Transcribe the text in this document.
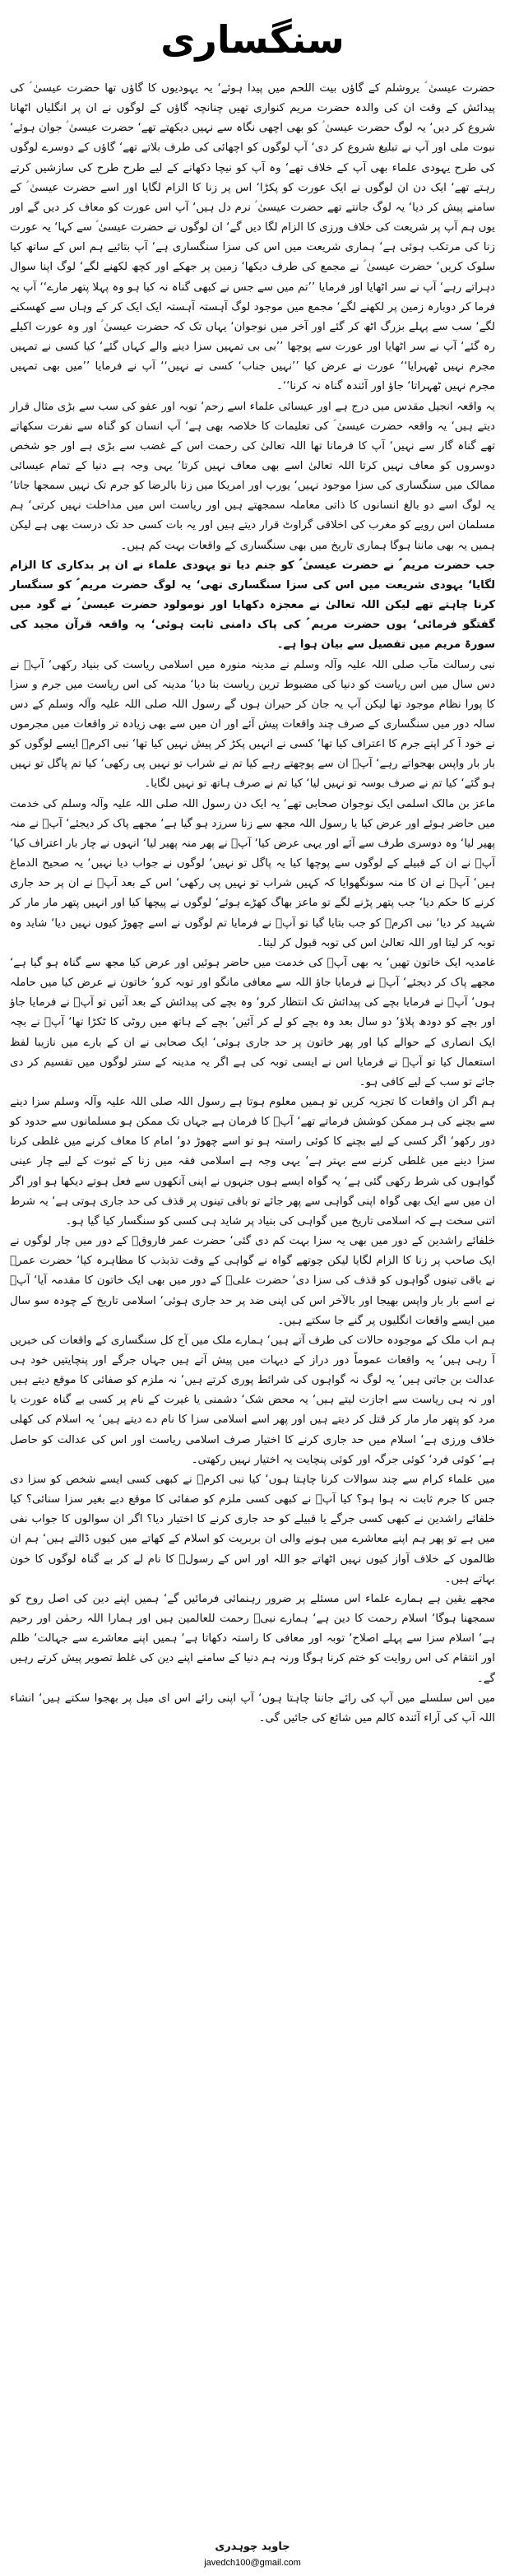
سنگساری

حضرت عیسیٰ ؑ یروشلم کے گاؤں بیت اللحم میں پیدا ہوئے‘ یہ یہودیوں کا گاؤں تھا حضرت عیسیٰ ؑ کی پیدائش کے وقت ان کی والدہ حضرت مریم کنواری تھیں چنانچہ گاؤں کے لوگوں نے ان پر انگلیاں اٹھانا شروع کر دیں‘ یہ لوگ حضرت عیسیٰ ؑ کو بھی اچھی نگاہ سے نہیں دیکھتے تھے‘ حضرت عیسیٰ ؑ جوان ہوئے‘ نبوت ملی اور آپ نے تبلیغ شروع کر دی‘ آپ لوگوں کو اچھائی کی طرف بلاتے تھے‘ گاؤں کے دوسرے لوگوں کی طرح یہودی علماء بھی آپ کے خلاف تھے‘ وہ آپ کو نیچا دکھانے کے لیے طرح طرح کی سازشیں کرتے رہتے تھے‘ ایک دن ان لوگوں نے ایک عورت کو پکڑا‘ اس پر زنا کا الزام لگایا اور اسے حضرت عیسیٰ ؑ کے سامنے پیش کر دیا‘ یہ لوگ جانتے تھے حضرت عیسیٰ ؑ نرم دل ہیں‘ آپ اس عورت کو معاف کر دیں گے اور یوں ہم آپ پر شریعت کی خلاف ورزی کا الزام لگا دیں گے‘ ان لوگوں نے حضرت عیسیٰ ؑ سے کہا‘ یہ عورت زنا کی مرتکب ہوئی ہے‘ ہماری شریعت میں اس کی سزا سنگساری ہے‘ آپ بتائیے ہم اس کے ساتھ کیا سلوک کریں‘ حضرت عیسیٰ ؑ نے مجمع کی طرف دیکھا‘ زمین پر جھکے اور کچھ لکھنے لگے‘ لوگ اپنا سوال دہراتے رہے‘ آپ نے سر اٹھایا اور فرمایا ’’تم میں سے جس نے کبھی گناہ نہ کیا ہو وہ پہلا پتھر مارے‘‘ آپ یہ فرما کر دوبارہ زمین پر لکھنے لگے‘ مجمع میں موجود لوگ آہستہ آہستہ ایک ایک کر کے وہاں سے کھسکنے لگے‘ سب سے پہلے بزرگ اٹھ کر گئے اور آخر میں نوجوان‘ یہاں تک کہ حضرت عیسیٰ ؑ اور وہ عورت اکیلے رہ گئے‘ آپ نے سر اٹھایا اور عورت سے پوچھا ’’بی بی تمہیں سزا دینے والے کہاں گئے‘ کیا کسی نے تمہیں مجرم نہیں ٹھہرایا‘‘ عورت نے عرض کیا ’’نہیں جناب‘ کسی نے نہیں‘‘ آپ نے فرمایا ’’میں بھی تمہیں مجرم نہیں ٹھہراتا‘ جاؤ اور آئندہ گناہ نہ کرنا‘‘۔

یہ واقعہ انجیل مقدس میں درج ہے اور عیسائی علماء اسے رحم‘ توبہ اور عفو کی سب سے بڑی مثال قرار دیتے ہیں‘ یہ واقعہ حضرت عیسیٰ ؑ کی تعلیمات کا خلاصہ بھی ہے‘ آپ انسان کو گناہ سے نفرت سکھاتے تھے گناہ گار سے نہیں‘ آپ کا فرمانا تھا اللہ تعالیٰ کی رحمت اس کے غضب سے بڑی ہے اور جو شخص دوسروں کو معاف نہیں کرتا اللہ تعالیٰ اسے بھی معاف نہیں کرتا‘ یہی وجہ ہے دنیا کے تمام عیسائی ممالک میں سنگساری کی سزا موجود نہیں‘ یورپ اور امریکا میں زنا بالرضا کو جرم تک نہیں سمجھا جاتا‘ یہ لوگ اسے دو بالغ انسانوں کا ذاتی معاملہ سمجھتے ہیں اور ریاست اس میں مداخلت نہیں کرتی‘ ہم مسلمان اس رویے کو مغرب کی اخلاقی گراوٹ قرار دیتے ہیں اور یہ بات کسی حد تک درست بھی ہے لیکن ہمیں یہ بھی ماننا ہوگا ہماری تاریخ میں بھی سنگساری کے واقعات بہت کم ہیں۔

جب حضرت مریم ؑ نے حضرت عیسیٰ ؑ کو جنم دیا تو یہودی علماء نے ان پر بدکاری کا الزام لگایا‘ یہودی شریعت میں اس کی سزا سنگساری تھی‘ یہ لوگ حضرت مریم ؑ کو سنگسار کرنا چاہتے تھے لیکن اللہ تعالیٰ نے معجزہ دکھایا اور نومولود حضرت عیسیٰ ؑ نے گود میں گفتگو فرمائی‘ یوں حضرت مریم ؑ کی پاک دامنی ثابت ہوئی‘ یہ واقعہ قرآن مجید کی سورۃ مریم میں تفصیل سے بیان ہوا ہے۔

نبی رسالت مآب صلی اللہ علیہ وآلہ وسلم نے مدینہ منورہ میں اسلامی ریاست کی بنیاد رکھی‘ آپؐ نے دس سال میں اس ریاست کو دنیا کی مضبوط ترین ریاست بنا دیا‘ مدینہ کی اس ریاست میں جرم و سزا کا پورا نظام موجود تھا لیکن آپ یہ جان کر حیران ہوں گے رسول اللہ صلی اللہ علیہ وآلہ وسلم کے دس سالہ دور میں سنگساری کے صرف چند واقعات پیش آئے اور ان میں سے بھی زیادہ تر واقعات میں مجرموں نے خود آ کر اپنے جرم کا اعتراف کیا تھا‘ کسی نے انہیں پکڑ کر پیش نہیں کیا تھا‘ نبی اکرمؐ ایسے لوگوں کو بار بار واپس بھجواتے رہے‘ آپؐ ان سے پوچھتے رہے کیا تم نے شراب تو نہیں پی رکھی‘ کیا تم پاگل تو نہیں ہو گئے‘ کیا تم نے صرف بوسہ تو نہیں لیا‘ کیا تم نے صرف ہاتھ تو نہیں لگایا۔

ماعز بن مالک اسلمی ایک نوجوان صحابی تھے‘ یہ ایک دن رسول اللہ صلی اللہ علیہ وآلہ وسلم کی خدمت میں حاضر ہوئے اور عرض کیا یا رسول اللہ مجھ سے زنا سرزد ہو گیا ہے‘ مجھے پاک کر دیجئے‘ آپؐ نے منہ پھیر لیا‘ وہ دوسری طرف سے آئے اور یہی عرض کیا‘ آپؐ نے پھر منہ پھیر لیا‘ انہوں نے چار بار اعتراف کیا‘ آپؐ نے ان کے قبیلے کے لوگوں سے پوچھا کیا یہ پاگل تو نہیں‘ لوگوں نے جواب دیا نہیں‘ یہ صحیح الدماغ ہیں‘ آپؐ نے ان کا منہ سونگھوایا کہ کہیں شراب تو نہیں پی رکھی‘ اس کے بعد آپؐ نے ان پر حد جاری کرنے کا حکم دیا‘ جب پتھر پڑنے لگے تو ماعز بھاگ کھڑے ہوئے‘ لوگوں نے پیچھا کیا اور انہیں پتھر مار مار کر شہید کر دیا‘ نبی اکرمؐ کو جب بتایا گیا تو آپؐ نے فرمایا تم لوگوں نے اسے چھوڑ کیوں نہیں دیا‘ شاید وہ توبہ کر لیتا اور اللہ تعالیٰ اس کی توبہ قبول کر لیتا۔

غامدیہ ایک خاتون تھیں‘ یہ بھی آپؐ کی خدمت میں حاضر ہوئیں اور عرض کیا مجھ سے گناہ ہو گیا ہے‘ مجھے پاک کر دیجئے‘ آپؐ نے فرمایا جاؤ اللہ سے معافی مانگو اور توبہ کرو‘ خاتون نے عرض کیا میں حاملہ ہوں‘ آپؐ نے فرمایا بچے کی پیدائش تک انتظار کرو‘ وہ بچے کی پیدائش کے بعد آئیں تو آپؐ نے فرمایا جاؤ اور بچے کو دودھ پلاؤ‘ دو سال بعد وہ بچے کو لے کر آئیں‘ بچے کے ہاتھ میں روٹی کا ٹکڑا تھا‘ آپؐ نے بچہ ایک انصاری کے حوالے کیا اور پھر خاتون پر حد جاری ہوئی‘ ایک صحابی نے ان کے بارے میں نازیبا لفظ استعمال کیا تو آپؐ نے فرمایا اس نے ایسی توبہ کی ہے اگر یہ مدینہ کے ستر لوگوں میں تقسیم کر دی جائے تو سب کے لیے کافی ہو۔

ہم اگر ان واقعات کا تجزیہ کریں تو ہمیں معلوم ہوتا ہے رسول اللہ صلی اللہ علیہ وآلہ وسلم سزا دینے سے بچنے کی ہر ممکن کوشش فرماتے تھے‘ آپؐ کا فرمان ہے جہاں تک ممکن ہو مسلمانوں سے حدود کو دور رکھو‘ اگر کسی کے لیے بچنے کا کوئی راستہ ہو تو اسے چھوڑ دو‘ امام کا معاف کرنے میں غلطی کرنا سزا دینے میں غلطی کرنے سے بہتر ہے‘ یہی وجہ ہے اسلامی فقہ میں زنا کے ثبوت کے لیے چار عینی گواہوں کی شرط رکھی گئی ہے‘ یہ گواہ ایسے ہوں جنہوں نے اپنی آنکھوں سے فعل ہوتے دیکھا ہو اور اگر ان میں سے ایک بھی گواہ اپنی گواہی سے پھر جائے تو باقی تینوں پر قذف کی حد جاری ہوتی ہے‘ یہ شرط اتنی سخت ہے کہ اسلامی تاریخ میں گواہی کی بنیاد پر شاید ہی کسی کو سنگسار کیا گیا ہو۔

خلفائے راشدین کے دور میں بھی یہ سزا بہت کم دی گئی‘ حضرت عمر فاروقؓ کے دور میں چار لوگوں نے ایک صاحب پر زنا کا الزام لگایا لیکن چوتھے گواہ نے گواہی کے وقت تذبذب کا مظاہرہ کیا‘ حضرت عمرؓ نے باقی تینوں گواہوں کو قذف کی سزا دی‘ حضرت علیؓ کے دور میں بھی ایک خاتون کا مقدمہ آیا‘ آپؓ نے اسے بار بار واپس بھیجا اور بالآخر اس کی اپنی ضد پر حد جاری ہوئی‘ اسلامی تاریخ کے چودہ سو سال میں ایسے واقعات انگلیوں پر گنے جا سکتے ہیں۔

ہم اب ملک کے موجودہ حالات کی طرف آتے ہیں‘ ہمارے ملک میں آج کل سنگساری کے واقعات کی خبریں آ رہی ہیں‘ یہ واقعات عموماً دور دراز کے دیہات میں پیش آتے ہیں جہاں جرگے اور پنچایتیں خود ہی عدالت بن جاتی ہیں‘ یہ لوگ نہ گواہوں کی شرائط پوری کرتے ہیں‘ نہ ملزم کو صفائی کا موقع دیتے ہیں اور نہ ہی ریاست سے اجازت لیتے ہیں‘ یہ محض شک‘ دشمنی یا غیرت کے نام پر کسی بے گناہ عورت یا مرد کو پتھر مار مار کر قتل کر دیتے ہیں اور پھر اسے اسلامی سزا کا نام دے دیتے ہیں‘ یہ اسلام کی کھلی خلاف ورزی ہے‘ اسلام میں حد جاری کرنے کا اختیار صرف اسلامی ریاست اور اس کی عدالت کو حاصل ہے‘ کوئی فرد‘ کوئی جرگہ اور کوئی پنچایت یہ اختیار نہیں رکھتی۔

میں علماء کرام سے چند سوالات کرنا چاہتا ہوں‘ کیا نبی اکرمؐ نے کبھی کسی ایسے شخص کو سزا دی جس کا جرم ثابت نہ ہوا ہو؟ کیا آپؐ نے کبھی کسی ملزم کو صفائی کا موقع دیے بغیر سزا سنائی؟ کیا خلفائے راشدین نے کبھی کسی جرگے یا قبیلے کو حد جاری کرنے کا اختیار دیا؟ اگر ان سوالوں کا جواب نفی میں ہے تو پھر ہم اپنے معاشرے میں ہونے والی ان بربریت کو اسلام کے کھاتے میں کیوں ڈالتے ہیں‘ ہم ان ظالموں کے خلاف آواز کیوں نہیں اٹھاتے جو اللہ اور اس کے رسولؐ کا نام لے کر بے گناہ لوگوں کا خون بہاتے ہیں۔

مجھے یقین ہے ہمارے علماء اس مسئلے پر ضرور رہنمائی فرمائیں گے‘ ہمیں اپنے دین کی اصل روح کو سمجھنا ہوگا‘ اسلام رحمت کا دین ہے‘ ہمارے نبیؐ رحمت للعالمین ہیں اور ہمارا اللہ رحمٰن اور رحیم ہے‘ اسلام سزا سے پہلے اصلاح‘ توبہ اور معافی کا راستہ دکھاتا ہے‘ ہمیں اپنے معاشرے سے جہالت‘ ظلم اور انتقام کی اس روایت کو ختم کرنا ہوگا ورنہ ہم دنیا کے سامنے اپنے دین کی غلط تصویر پیش کرتے رہیں گے۔

میں اس سلسلے میں آپ کی رائے جاننا چاہتا ہوں‘ آپ اپنی رائے اس ای میل پر بھجوا سکتے ہیں‘ انشاء اللہ آپ کی آراء آئندہ کالم میں شائع کی جائیں گی۔

جاوید چوہدری
javedch100@gmail.com
